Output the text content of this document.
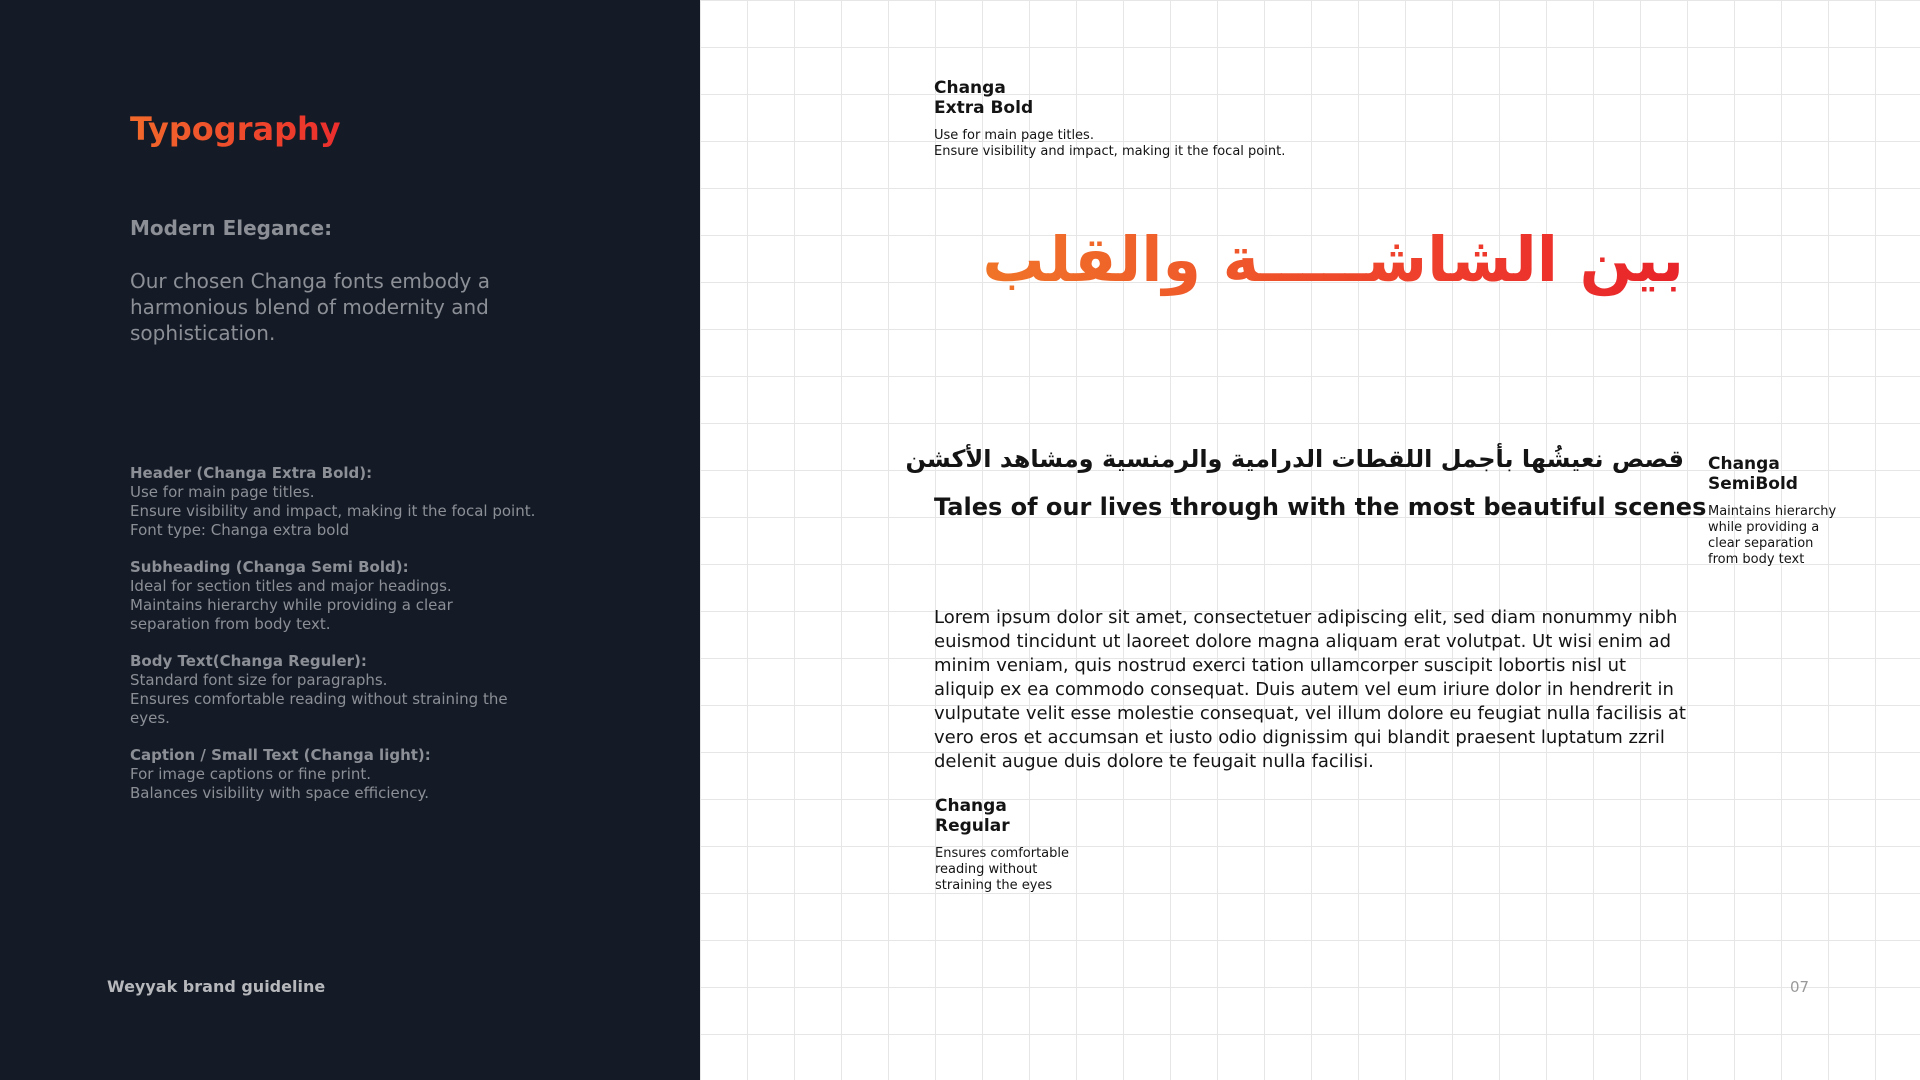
Typography
Modern Elegance:

Our chosen Changa fonts embody a harmonious blend of modernity and sophistication.

Header (Changa Extra Bold):
Use for main page titles.
Ensure visibility and impact, making it the focal point.
Font type: Changa extra bold
Subheading (Changa Semi Bold):
Ideal for section titles and major headings.
Maintains hierarchy while providing a clear
separation from body text.
Body Text(Changa Reguler):
Standard font size for paragraphs.
Ensures comfortable reading without straining the
eyes.
Caption / Small Text (Changa light):
For image captions or fine print.
Balances visibility with space efficiency.
Weyyak brand guideline
Changa
Extra Bold
Use for main page titles.
Ensure visibility and impact, making it the focal point.
بين الشاشـــــة والقلب
قصص نعيشُها بأجمل اللقطات الدرامية والرمنسية ومشاهد الأكشن
Tales of our lives through with the most beautiful scenes
Changa
SemiBold
Maintains hierarchy
while providing a
clear separation
from body text

Lorem ipsum dolor sit amet, consectetuer adipiscing elit, sed diam nonummy nibh euismod tincidunt ut laoreet dolore magna aliquam erat volutpat. Ut wisi enim ad minim veniam, quis nostrud exerci tation ullamcorper suscipit lobortis nisl ut aliquip ex ea commodo consequat. Duis autem vel eum iriure dolor in hendrerit in vulputate velit esse molestie consequat, vel illum dolore eu feugiat nulla facilisis at vero eros et accumsan et iusto odio dignissim qui blandit praesent luptatum zzril delenit augue duis dolore te feugait nulla facilisi.

Changa
Regular
Ensures comfortable
reading without
straining the eyes
07
